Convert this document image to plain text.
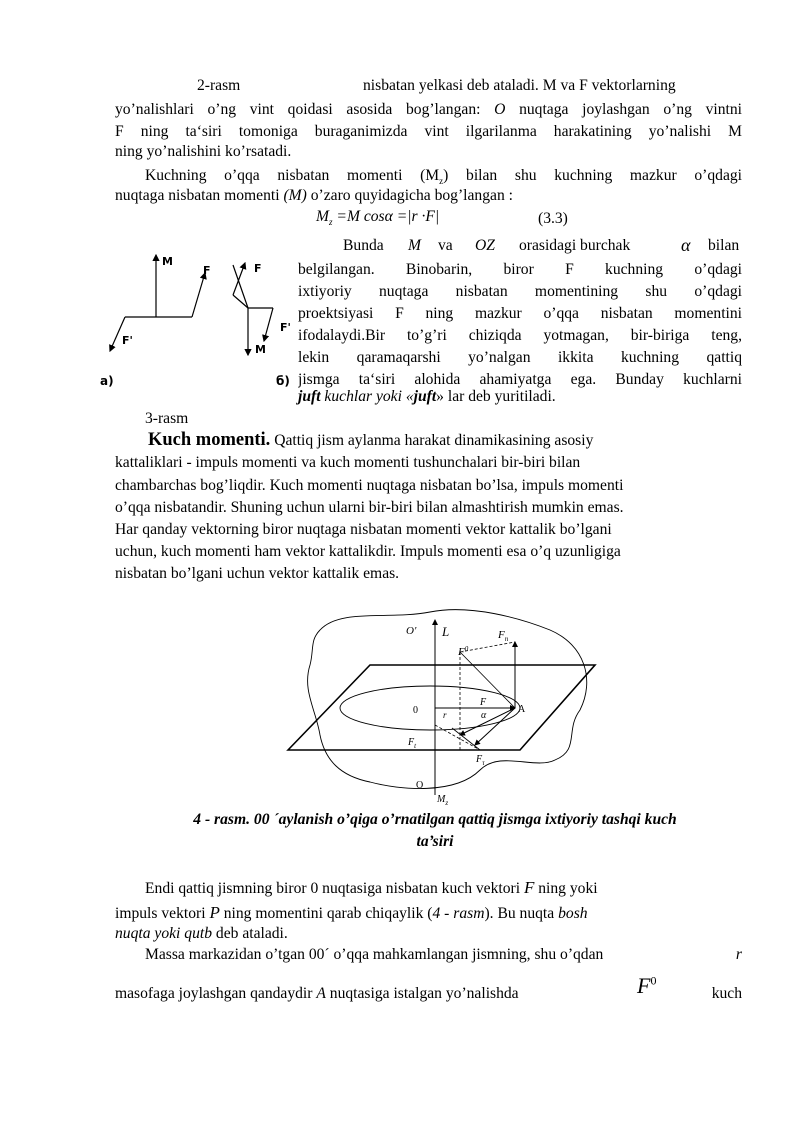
2-rasm	nisbatan yelkasi deb ataladi. M va F vektorlarning
yo’nalishlari o’ng vint qoidasi asosida bog’langan: O nuqtaga joylashgan o’ng vintni
F ning ta‘siri tomoniga buraganimizda vint ilgarilanma harakatining yo’nalishi M
ning yo’nalishini ko’rsatadi.
Kuchning o’qqa nisbatan momenti $(M_z)$ bilan shu kuchning mazkur o’qdagi
nuqtaga nisbatan momenti (M) o’zaro quyidagicha bog’langan :
$M_z =M$ cosα =|r ·F|	(3.3)
Bunda M va OZ orasidagi burchak	α bilan
belgilangan. Binobarin, biror F kuchning o’qdagi
ixtiyoriy nuqtaga nisbatan momentining shu o’qdagi
proektsiyasi F ning mazkur o’qqa nisbatan momentini
ifodalaydi.Bir to’g’ri chiziqda yotmagan, bir-biriga teng,
lekin qaramaqarshi yo’nalgan ikkita kuchning qattiq
jismga ta‘siri alohida ahamiyatga ega. Bunday kuchlarni
juft kuchlar yoki «juft» lar deb yuritiladi.
M
F
F'
a)
F
F'
M
б)
3-rasm
Kuch momenti. Qattiq jism aylanma harakat dinamikasining asosiy
kattaliklari - impuls momenti va kuch momenti tushunchalari bir-biri bilan
chambarchas bog’liqdir. Kuch momenti nuqtaga nisbatan bo’lsa, impuls momenti
o’qqa nisbatandir. Shuning uchun ularni bir-biri bilan almashtirish mumkin emas.
Har qanday vektorning biror nuqtaga nisbatan momenti vektor kattalik bo’lgani
uchun, kuch momenti ham vektor kattalikdir. Impuls momenti esa o’q uzunligiga
nisbatan bo’lgani uchun vektor kattalik emas.
O' L	$F_n$
$F^0$
0
F
A
r	α
$F_t$
$F_\tau$
O
$M_z$
4 - rasm. 00 ´aylanish o’qiga o’rnatilgan qattiq jismga ixtiyoriy tashqi kuch
ta’siri
Endi qattiq jismning biror 0 nuqtasiga nisbatan kuch vektori F ning yoki
impuls vektori P ning momentini qarab chiqaylik (4 - rasm). Bu nuqta bosh
nuqta yoki qutb deb ataladi.
Massa markazidan o’tgan 00´ o’qqa mahkamlangan jismning, shu o’qdan	r
masofaga joylashgan qandaydir A nuqtasiga istalgan yo’nalishda	$F^0$
kuch
